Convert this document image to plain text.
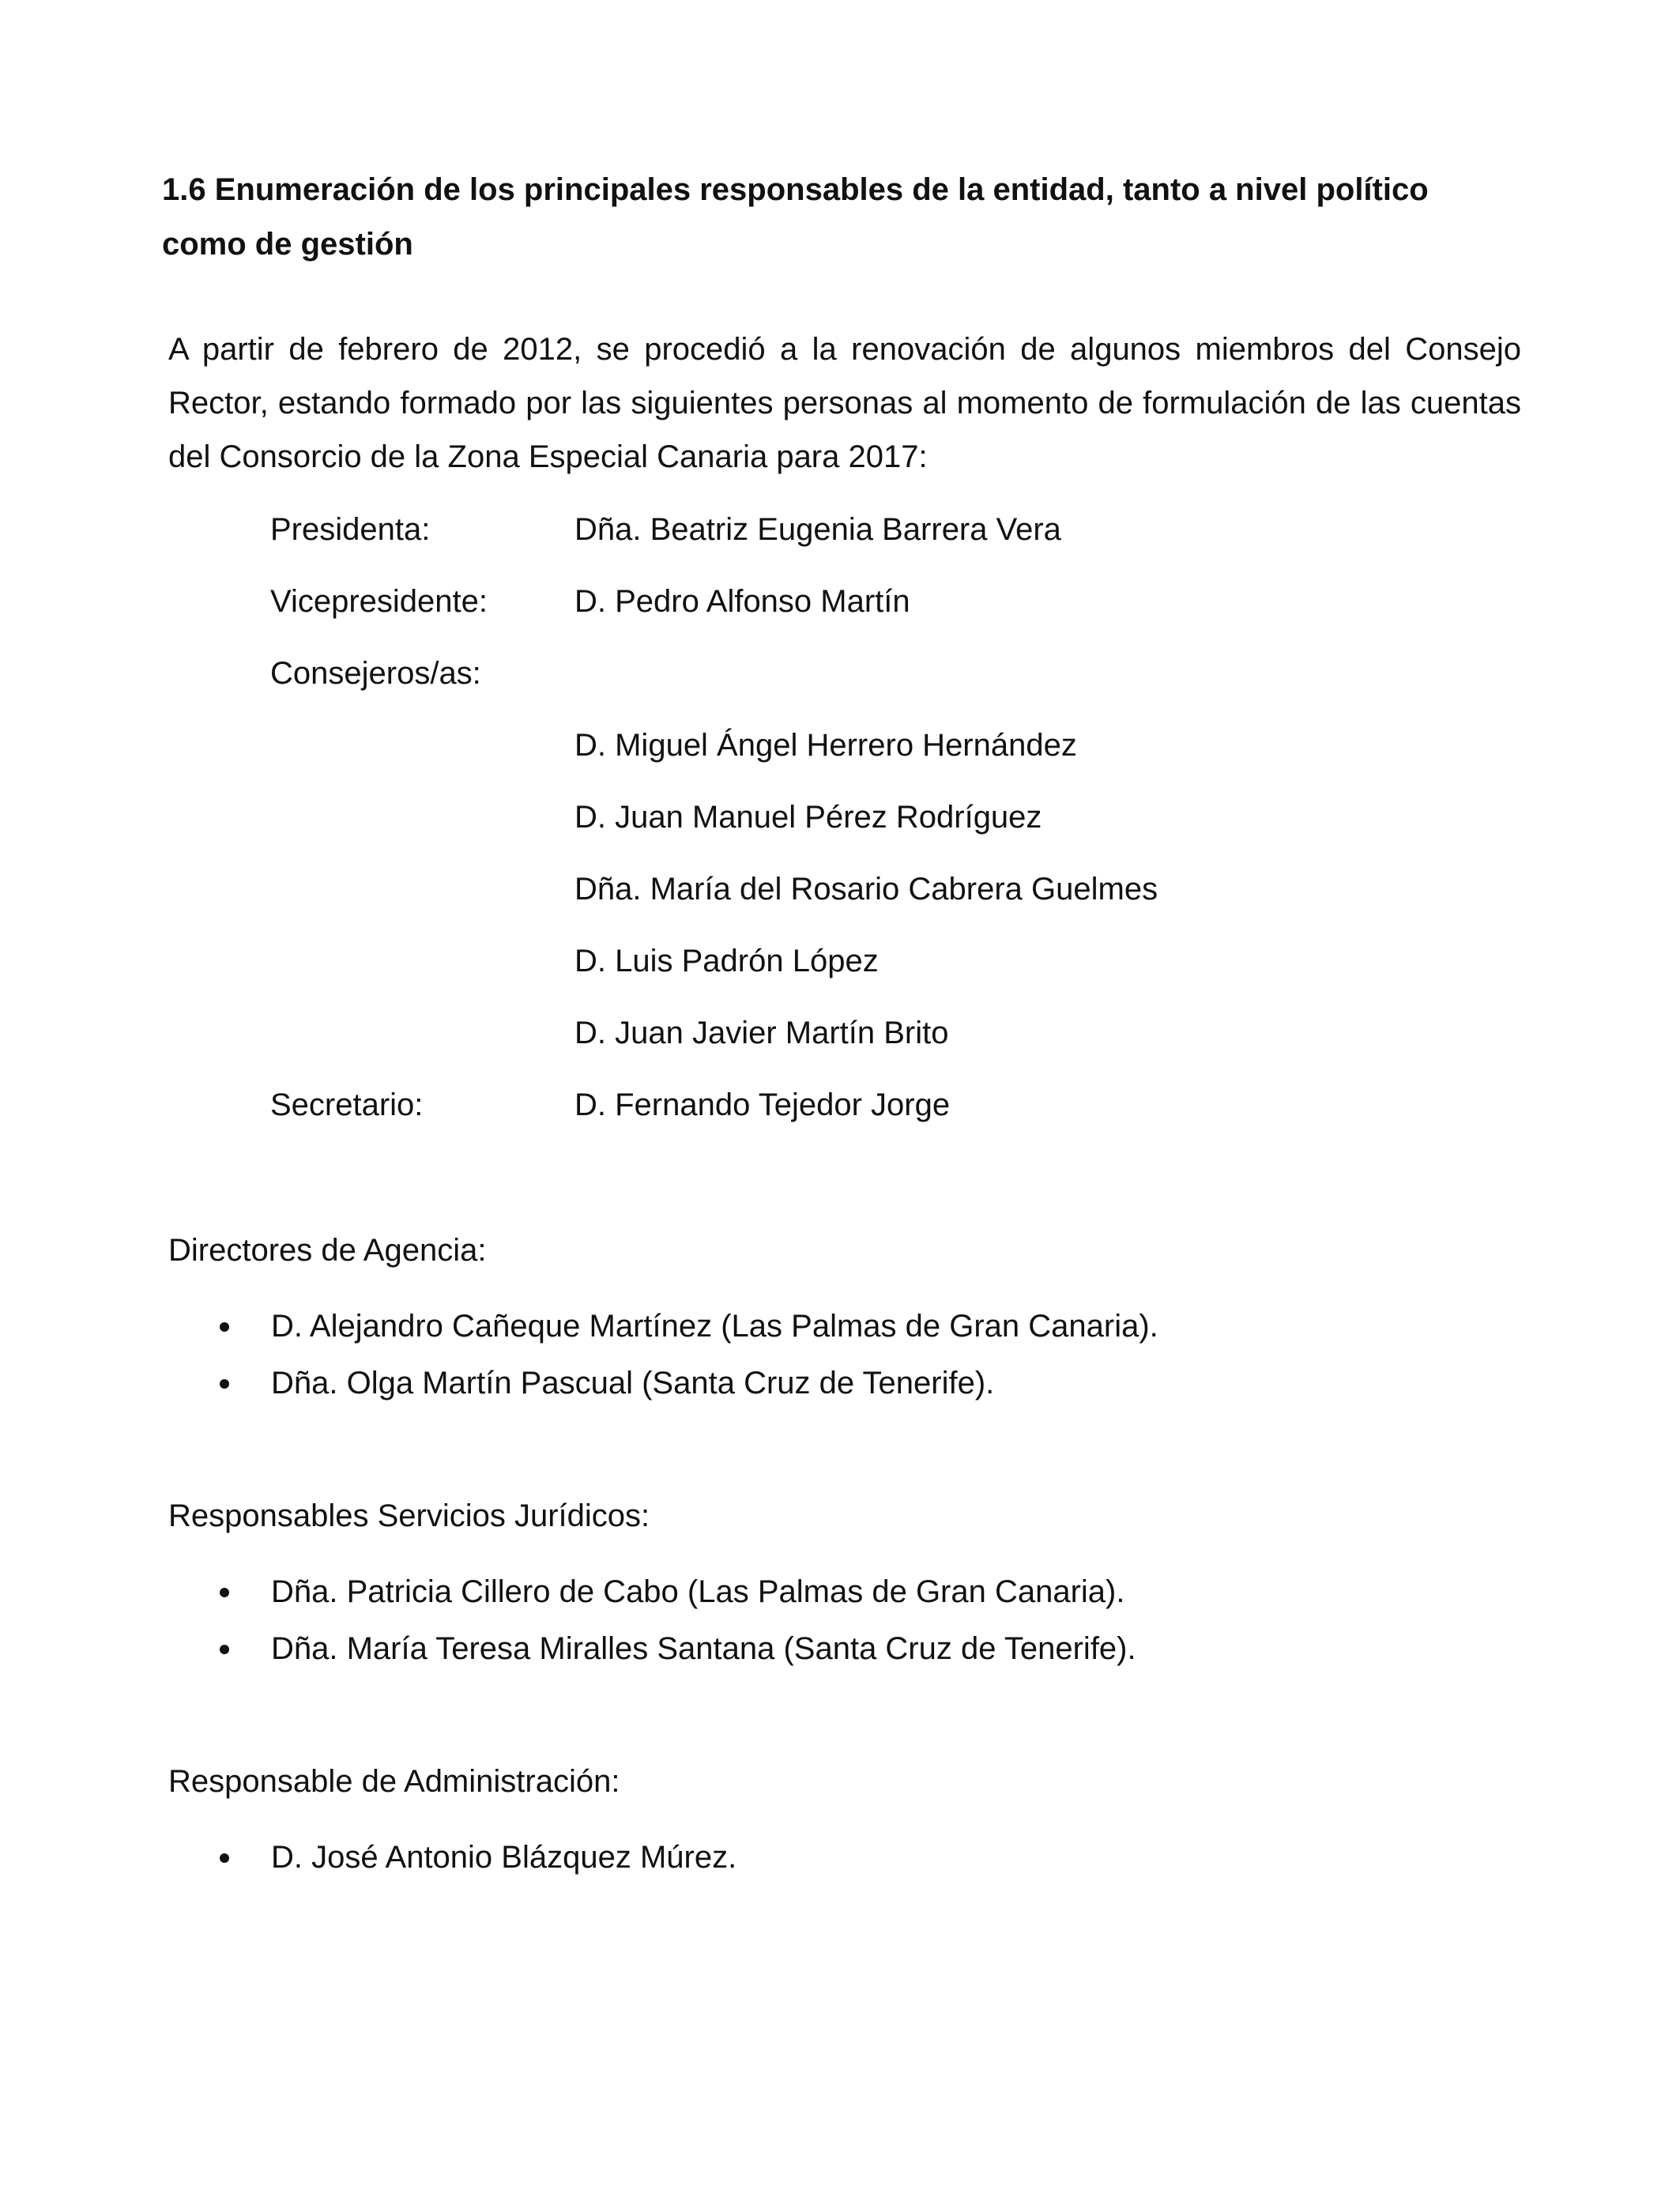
1.6 Enumeración de los principales responsables de la entidad, tanto a nivel político como de gestión

A partir de febrero de 2012, se procedió a la renovación de algunos miembros del Consejo Rector, estando formado por las siguientes personas al momento de formulación de las cuentas del Consorcio de la Zona Especial Canaria para 2017:

Presidenta:	Dña. Beatriz Eugenia Barrera Vera
Vicepresidente:	D. Pedro Alfonso Martín
Consejeros/as:
D. Miguel Ángel Herrero Hernández
D. Juan Manuel Pérez Rodríguez
Dña. María del Rosario Cabrera Guelmes
D. Luis Padrón López
D. Juan Javier Martín Brito
Secretario:	D. Fernando Tejedor Jorge

Directores de Agencia:

D. Alejandro Cañeque Martínez (Las Palmas de Gran Canaria).
Dña. Olga Martín Pascual (Santa Cruz de Tenerife).

Responsables Servicios Jurídicos:

Dña. Patricia Cillero de Cabo (Las Palmas de Gran Canaria).
Dña. María Teresa Miralles Santana (Santa Cruz de Tenerife).

Responsable de Administración:

D. José Antonio Blázquez Múrez.
